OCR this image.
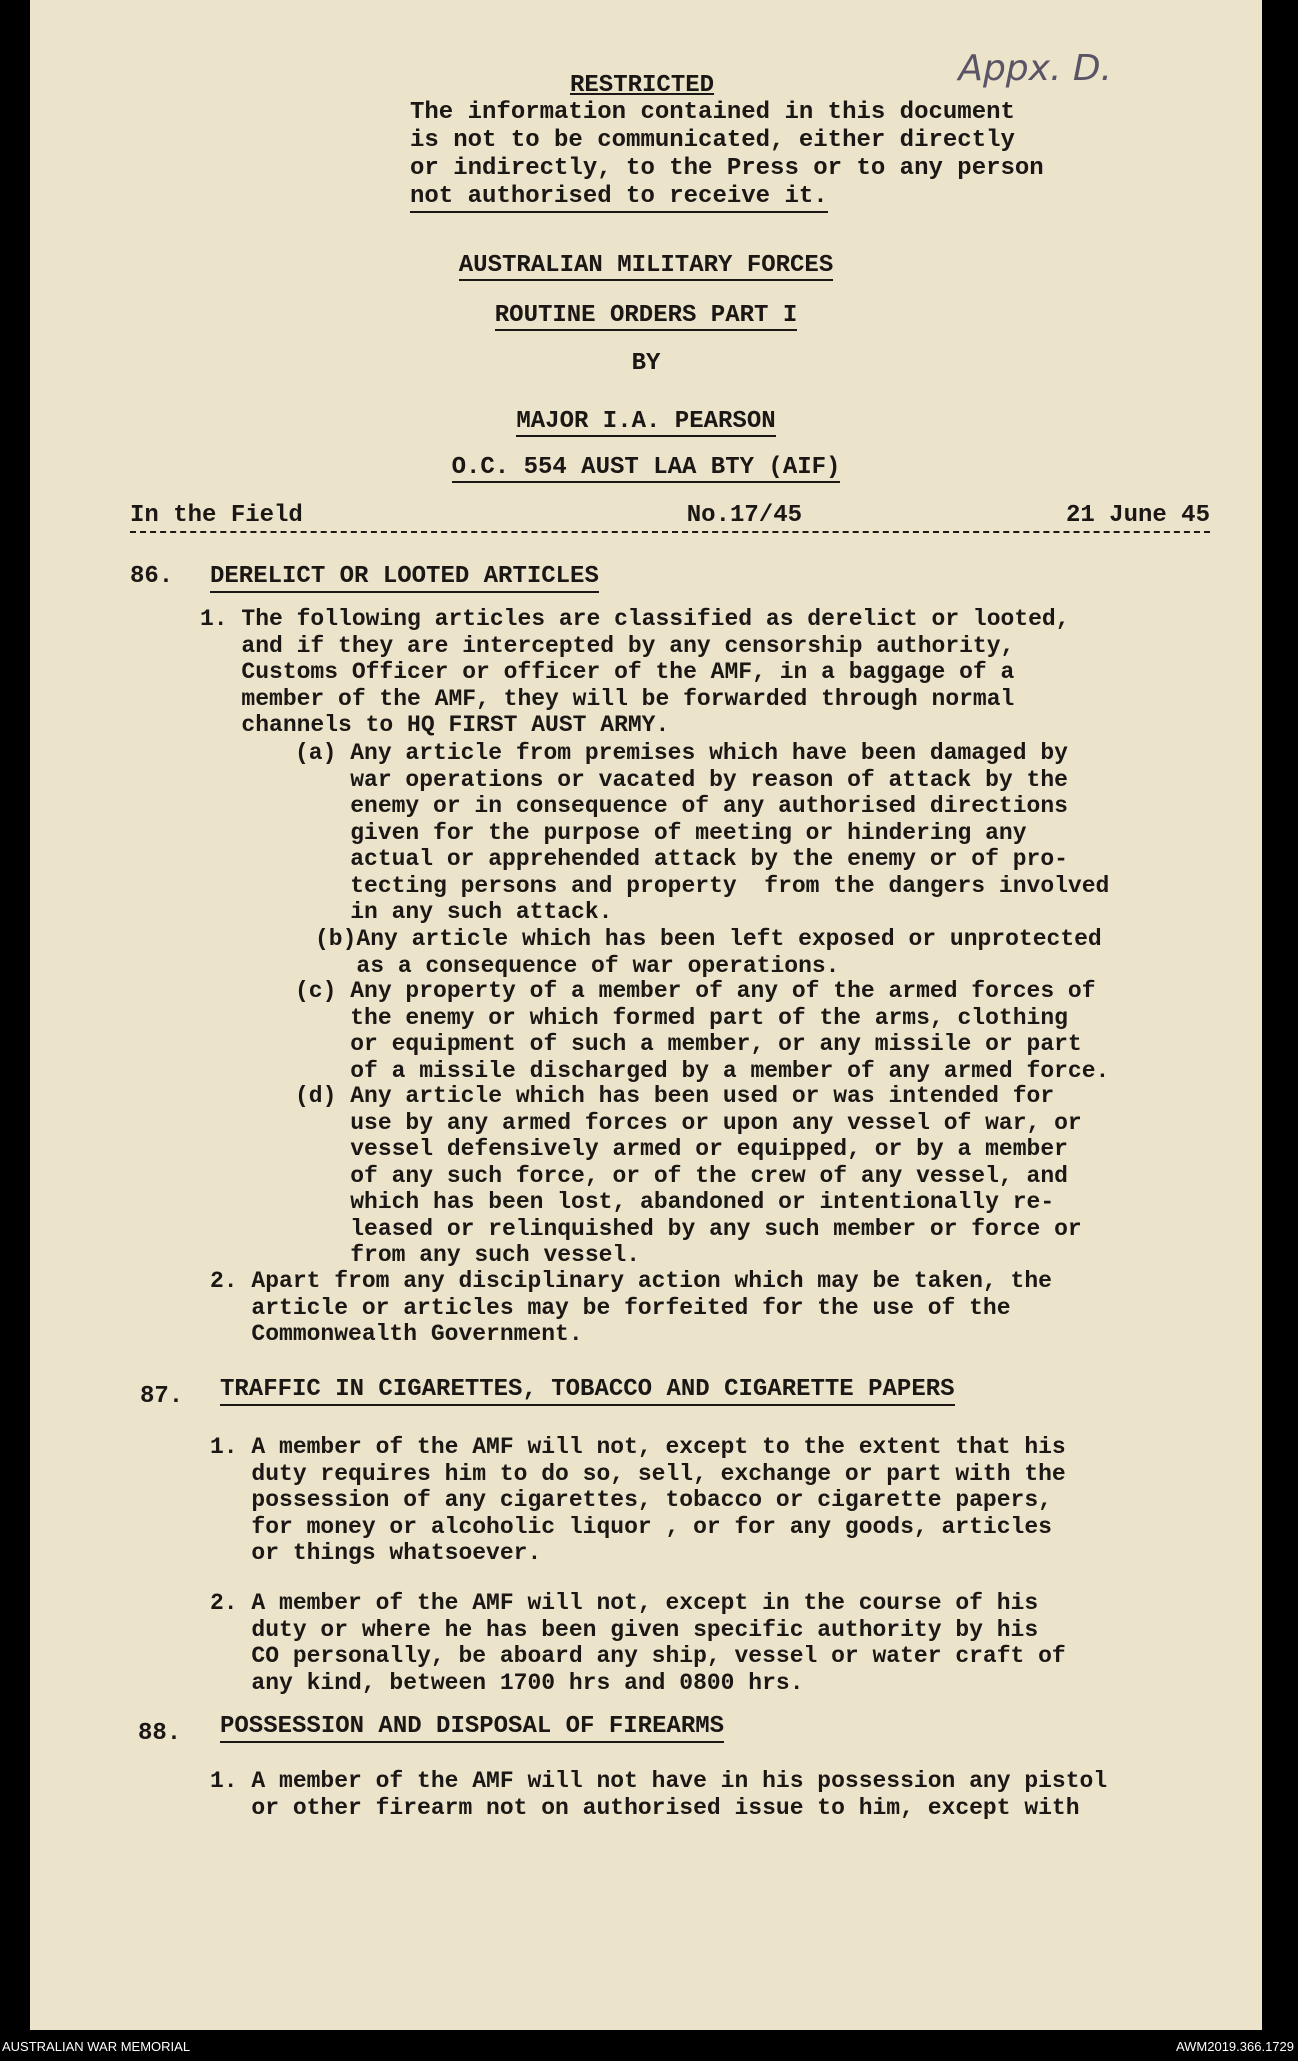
Appx. D.
RESTRICTED
The information contained in this document
is not to be communicated, either directly
or indirectly, to the Press or to any person
not authorised to receive it.
AUSTRALIAN MILITARY FORCES
ROUTINE ORDERS PART I
BY
MAJOR I.A. PEARSON
O.C. 554 AUST LAA BTY (AIF)
In the Field	No.17/45	21 June 45
86. DERELICT OR LOOTED ARTICLES
1. The following articles are classified as derelict or looted,
and if they are intercepted by any censorship authority,
Customs Officer or officer of the AMF, in a baggage of a
member of the AMF, they will be forwarded through normal
channels to HQ FIRST AUST ARMY.
(a) Any article from premises which have been damaged by
war operations or vacated by reason of attack by the
enemy or in consequence of any authorised directions
given for the purpose of meeting or hindering any
actual or apprehended attack by the enemy or of pro-
tecting persons and property  from the dangers involved
in any such attack.
(b)Any article which has been left exposed or unprotected
as a consequence of war operations.
(c) Any property of a member of any of the armed forces of
the enemy or which formed part of the arms, clothing
or equipment of such a member, or any missile or part
of a missile discharged by a member of any armed force.
(d) Any article which has been used or was intended for
use by any armed forces or upon any vessel of war, or
vessel defensively armed or equipped, or by a member
of any such force, or of the crew of any vessel, and
which has been lost, abandoned or intentionally re-
leased or relinquished by any such member or force or
from any such vessel.
2. Apart from any disciplinary action which may be taken, the
article or articles may be forfeited for the use of the
Commonwealth Government.
87. TRAFFIC IN CIGARETTES, TOBACCO AND CIGARETTE PAPERS
1. A member of the AMF will not, except to the extent that his
duty requires him to do so, sell, exchange or part with the
possession of any cigarettes, tobacco or cigarette papers,
for money or alcoholic liquor , or for any goods, articles
or things whatsoever.
2. A member of the AMF will not, except in the course of his
duty or where he has been given specific authority by his
CO personally, be aboard any ship, vessel or water craft of
any kind, between 1700 hrs and 0800 hrs.
88. POSSESSION AND DISPOSAL OF FIREARMS
1. A member of the AMF will not have in his possession any pistol
or other firearm not on authorised issue to him, except with
AUSTRALIAN WAR MEMORIAL	AWM2019.366.1729
